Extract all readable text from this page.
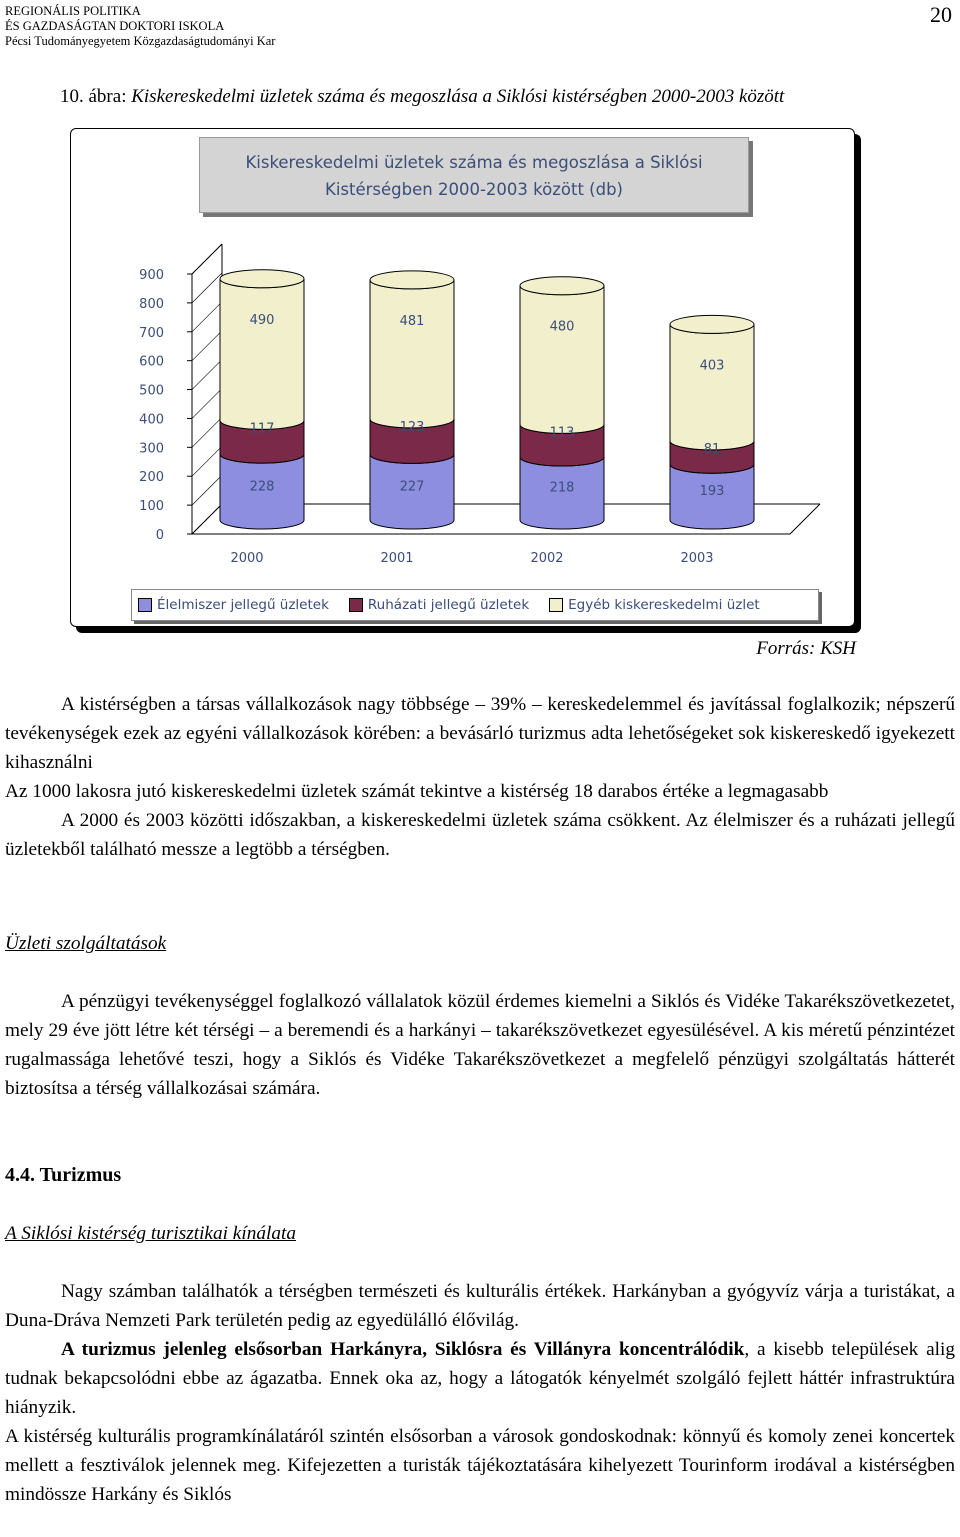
REGIONÁLIS POLITIKA
ÉS GAZDASÁGTAN DOKTORI ISKOLA
Pécsi Tudományegyetem Közgazdaságtudományi Kar
20
10. ábra: Kiskereskedelmi üzletek száma és megoszlása a Siklósi kistérségben 2000-2003 között
0
100
200
300
400
500
600
700
800
900
228
117
490
2000
227
123
481
2001
218
113
480
2002
193
81
403
2003
Kiskereskedelmi üzletek száma és megoszlása a Siklósi
Kistérségben 2000-2003 között (db)
Élelmiszer jellegű üzletek	Ruházati jellegű üzletek	Egyéb kiskereskedelmi üzlet
Forrás: KSH

A kistérségben a társas vállalkozások nagy többsége – 39% – kereskedelemmel és javítással foglalkozik; népszerű tevékenységek ezek az egyéni vállalkozások körében: a bevásárló turizmus adta lehetőségeket sok kiskereskedő igyekezett kihasználni

Az 1000 lakosra jutó kiskereskedelmi üzletek számát tekintve a kistérség 18 darabos értéke a legmagasabb

A 2000 és 2003 közötti időszakban, a kiskereskedelmi üzletek száma csökkent. Az élelmiszer és a ruházati jellegű üzletekből található messze a legtöbb a térségben.

Üzleti szolgáltatások

A pénzügyi tevékenységgel foglalkozó vállalatok közül érdemes kiemelni a Siklós és Vidéke Takarékszövetkezetet, mely 29 éve jött létre két térségi – a beremendi és a harkányi – takarékszövetkezet egyesülésével. A kis méretű pénzintézet rugalmassága lehetővé teszi, hogy a Siklós és Vidéke Takarékszövetkezet a megfelelő pénzügyi szolgáltatás hátterét biztosítsa a térség vállalkozásai számára.

4.4. Turizmus

A Siklósi kistérség turisztikai kínálata

Nagy számban találhatók a térségben természeti és kulturális értékek. Harkányban a gyógyvíz várja a turistákat, a Duna-Dráva Nemzeti Park területén pedig az egyedülálló élővilág.

A turizmus jelenleg elsősorban Harkányra, Siklósra és Villányra koncentrálódik, a kisebb települések alig tudnak bekapcsolódni ebbe az ágazatba. Ennek oka az, hogy a látogatók kényelmét szolgáló fejlett háttér infrastruktúra hiányzik.

A kistérség kulturális programkínálatáról szintén elsősorban a városok gondoskodnak: könnyű és komoly zenei koncertek mellett a fesztiválok jelennek meg. Kifejezetten a turisták tájékoztatására kihelyezett Tourinform irodával a kistérségben mindössze Harkány és Siklós
